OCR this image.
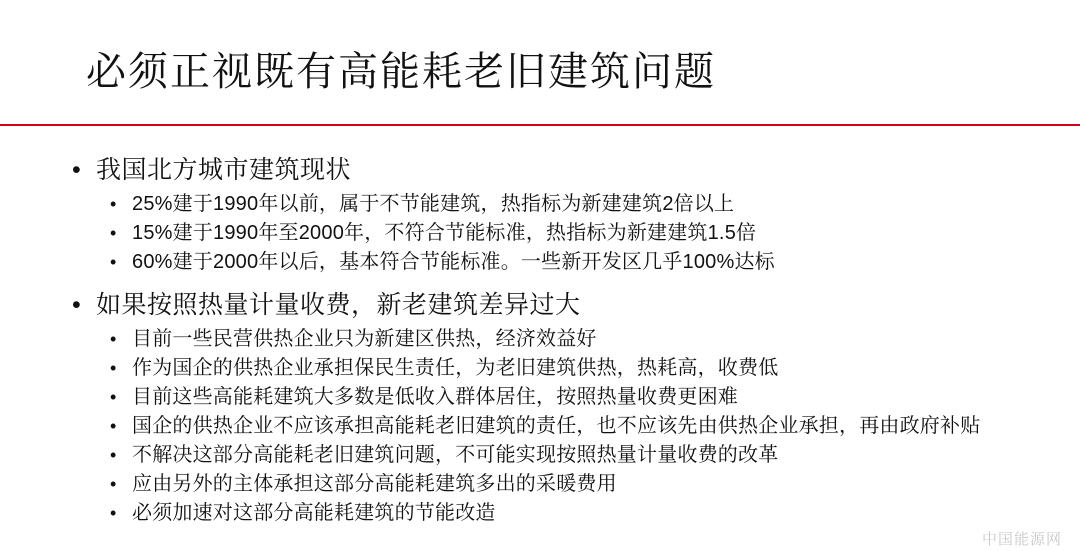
必须正视既有高能耗老旧建筑问题
• 我国北方城市建筑现状
• 25%建于1990年以前，属于不节能建筑，热指标为新建建筑2倍以上
• 15%建于1990年至2000年，不符合节能标准，热指标为新建建筑1.5倍
• 60%建于2000年以后，基本符合节能标准。一些新开发区几乎100%达标
• 如果按照热量计量收费，新老建筑差异过大
• 目前一些民营供热企业只为新建区供热，经济效益好
• 作为国企的供热企业承担保民生责任，为老旧建筑供热，热耗高，收费低
• 目前这些高能耗建筑大多数是低收入群体居住，按照热量收费更困难
• 国企的供热企业不应该承担高能耗老旧建筑的责任，也不应该先由供热企业承担，再由政府补贴
• 不解决这部分高能耗老旧建筑问题，不可能实现按照热量计量收费的改革
• 应由另外的主体承担这部分高能耗建筑多出的采暖费用
• 必须加速对这部分高能耗建筑的节能改造
中国能源网
